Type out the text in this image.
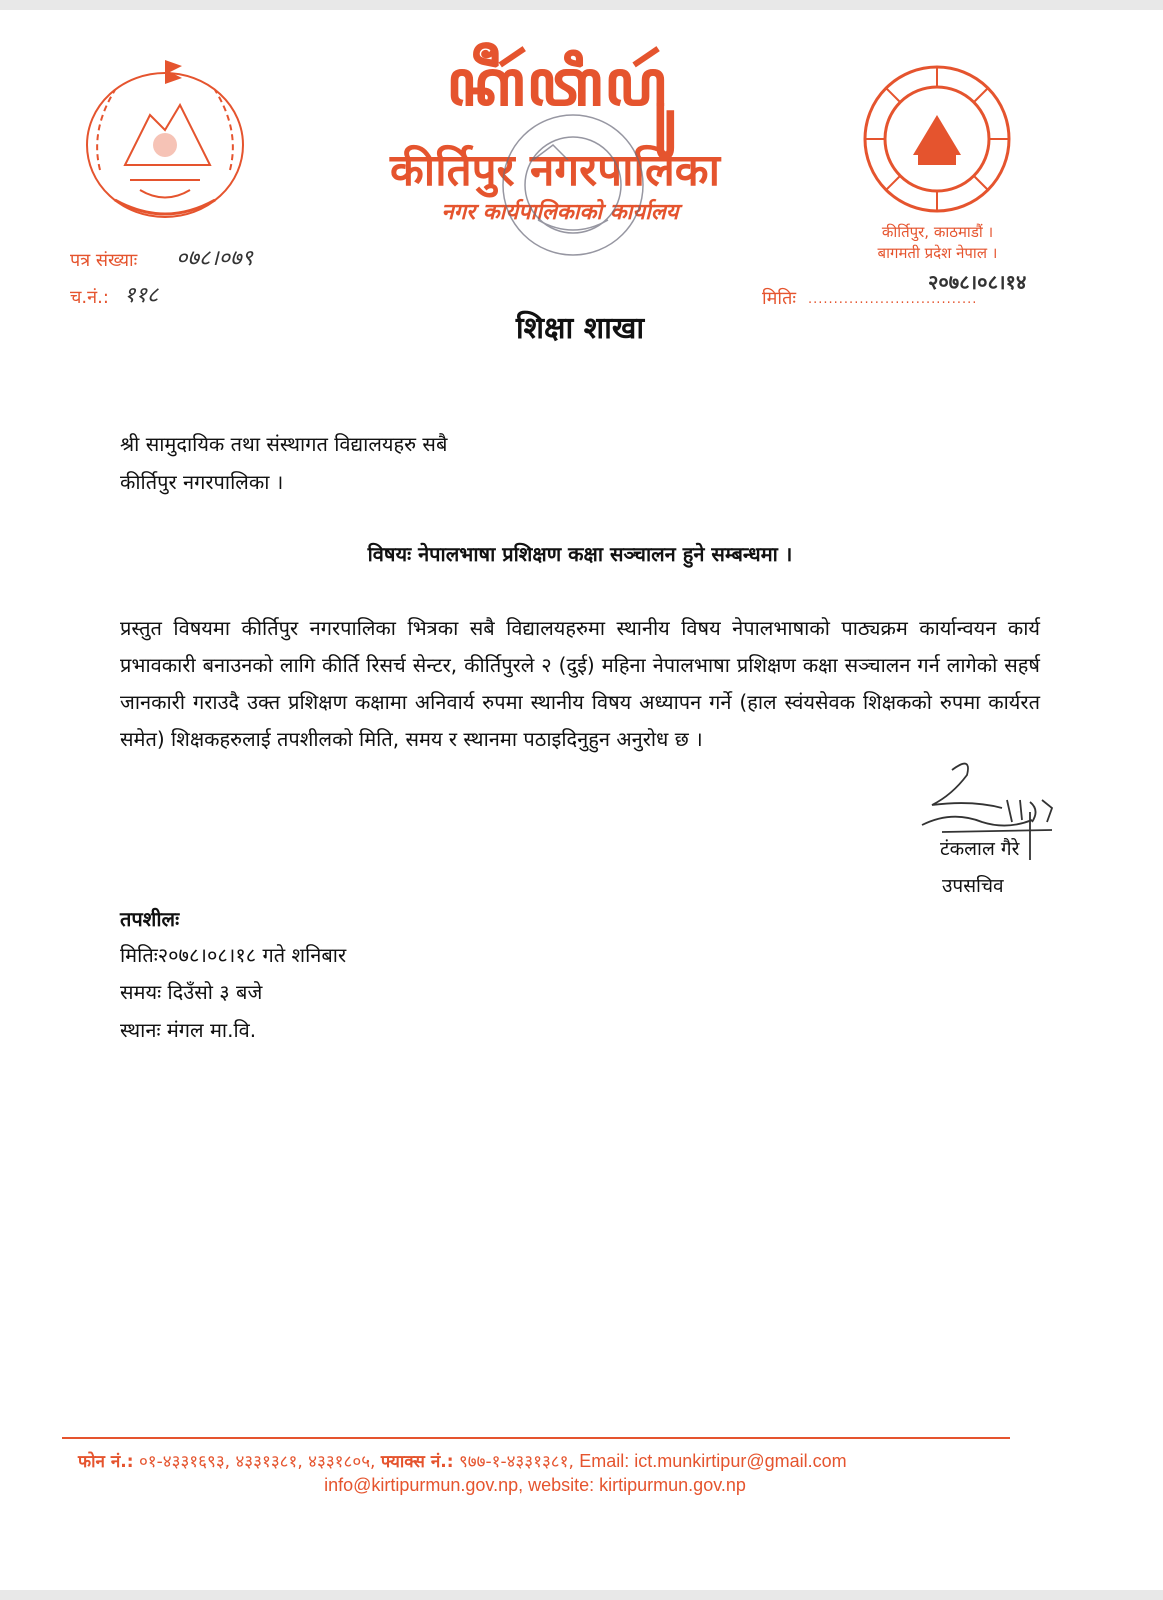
ꦏꦷꦂꦠꦶꦥꦸꦂ
कीर्तिपुर नगरपालिका
नगर कार्यपालिकाको कार्यालय
कीर्तिपुर, काठमाडौं ।
बागमती प्रदेश नेपाल ।
पत्र संख्याः ०७८।०७९
च.नं.: ११८
२०७८।०८।१४
मितिः .................................
शिक्षा शाखा
श्री सामुदायिक तथा संस्थागत विद्यालयहरु सबै
कीर्तिपुर नगरपालिका ।
विषयः नेपालभाषा प्रशिक्षण कक्षा सञ्चालन हुने सम्बन्धमा ।
प्रस्तुत विषयमा कीर्तिपुर नगरपालिका भित्रका सबै विद्यालयहरुमा स्थानीय विषय नेपालभाषाको पाठ्यक्रम कार्यान्वयन कार्य प्रभावकारी बनाउनको लागि कीर्ति रिसर्च सेन्टर, कीर्तिपुरले २ (दुई) महिना नेपालभाषा प्रशिक्षण कक्षा सञ्चालन गर्न लागेको सहर्ष जानकारी गराउदै उक्त प्रशिक्षण कक्षामा अनिवार्य रुपमा स्थानीय विषय अध्यापन गर्ने (हाल स्वंयसेवक शिक्षकको रुपमा कार्यरत समेत) शिक्षकहरुलाई तपशीलको मिति, समय र स्थानमा पठाइदिनुहुन अनुरोध छ ।
टंकलाल गैरे
उपसचिव
तपशीलः
मितिः२०७८।०८।१८ गते शनिबार
समयः दिउँसो ३ बजे
स्थानः मंगल मा.वि.
फोन नं.: ०१-४३३१६९३, ४३३१३८१, ४३३१८०५, फ्याक्स नं.: ९७७-१-४३३१३८१, Email: ict.munkirtipur@gmail.com
info@kirtipurmun.gov.np, website: kirtipurmun.gov.np
